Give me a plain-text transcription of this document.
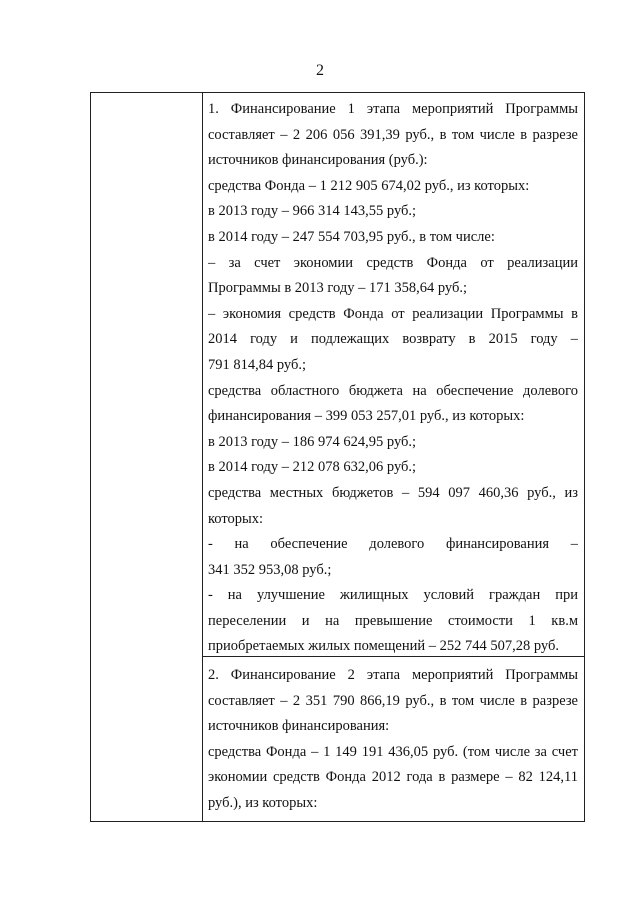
2
1. Финансирование 1 этапа мероприятий Программы
составляет – 2 206 056 391,39 руб., в том числе в разрезе
источников финансирования (руб.):
средства Фонда – 1 212 905 674,02 руб., из которых:
в 2013 году – 966 314 143,55 руб.;
в 2014 году – 247 554 703,95 руб., в том числе:
– за счет экономии средств Фонда от реализации
Программы в 2013 году – 171 358,64 руб.;
– экономия средств Фонда от реализации Программы в
2014 году и подлежащих возврату в 2015 году –
791 814,84 руб.;
средства областного бюджета на обеспечение долевого
финансирования – 399 053 257,01 руб., из которых:
в 2013 году – 186 974 624,95 руб.;
в 2014 году – 212 078 632,06 руб.;
средства местных бюджетов – 594 097 460,36 руб., из
которых:
- на обеспечение долевого финансирования –
341 352 953,08 руб.;
- на улучшение жилищных условий граждан при
переселении и на превышение стоимости 1 кв.м
приобретаемых жилых помещений – 252 744 507,28 руб.
2. Финансирование 2 этапа мероприятий Программы
составляет – 2 351 790 866,19 руб., в том числе в разрезе
источников финансирования:
средства Фонда – 1 149 191 436,05 руб. (том числе за счет
экономии средств Фонда 2012 года в размере – 82 124,11
руб.), из которых:
